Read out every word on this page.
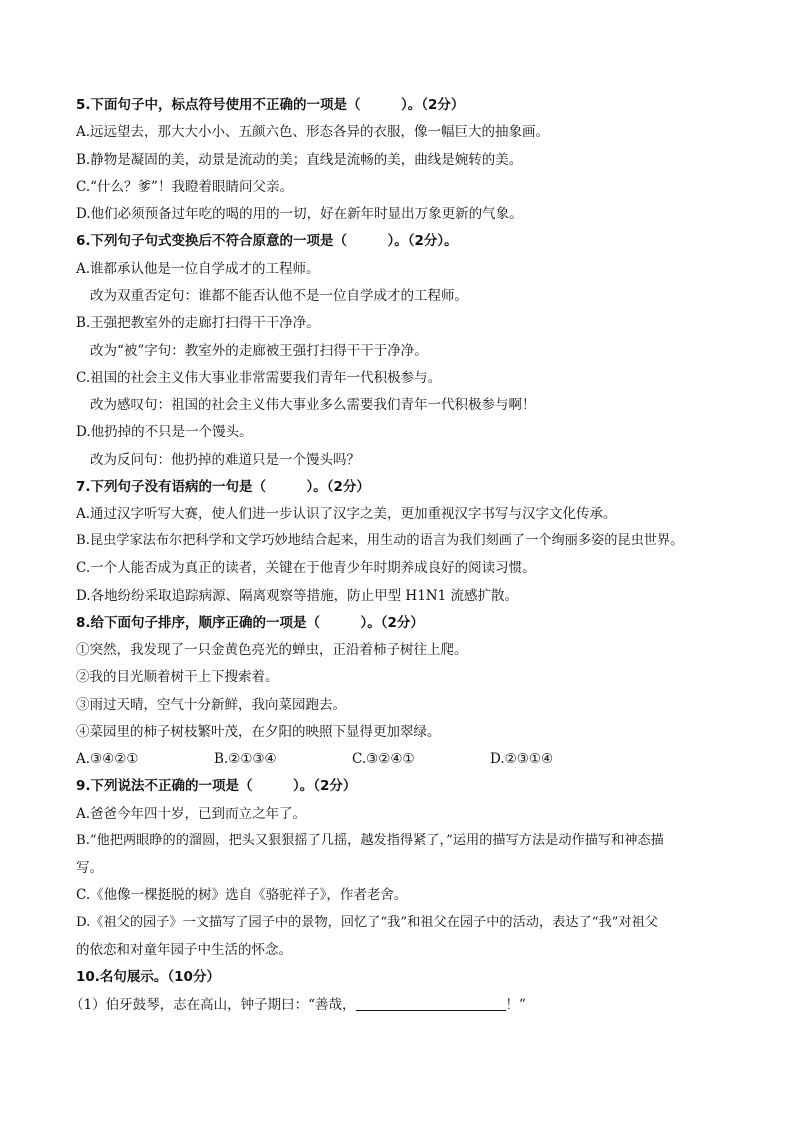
5.下面句子中，标点符号使用不正确的一项是（　　　）。（2分）
A.远远望去，那大大小小、五颜六色、形态各异的衣服，像一幅巨大的抽象画。
B.静物是凝固的美，动景是流动的美；直线是流畅的美，曲线是婉转的美。
C.“什么？爹”！我瞪着眼睛问父亲。
D.他们必须预备过年吃的喝的用的一切，好在新年时显出万象更新的气象。
6.下列句子句式变换后不符合原意的一项是（　　　）。（2分）。
A.谁都承认他是一位自学成才的工程师。
改为双重否定句：谁都不能否认他不是一位自学成才的工程师。
B.王强把教室外的走廊打扫得干干净净。
改为“被”字句：教室外的走廊被王强打扫得干干于净净。
C.祖国的社会主义伟大事业非常需要我们青年一代积极参与。
改为感叹句：祖国的社会主义伟大事业多么需要我们青年一代积极参与啊！
D.他扔掉的不只是一个馒头。
改为反问句：他扔掉的难道只是一个馒头吗？
7.下列句子没有语病的一句是（　　　）。（2分）
A.通过汉字听写大赛，使人们进一步认识了汉字之美，更加重视汉字书写与汉字文化传承。
B.昆虫学家法布尔把科学和文学巧妙地结合起来，用生动的语言为我们刻画了一个绚丽多姿的昆虫世界。
C.一个人能否成为真正的读者，关键在于他青少年时期养成良好的阅读习惯。
D.各地纷纷采取追踪病源、隔离观察等措施，防止甲型 H1N1 流感扩散。
8.给下面句子排序，顺序正确的一项是（　　　）。（2分）
①突然，我发现了一只金黄色亮光的蝉虫，正沿着柿子树往上爬。
②我的目光顺着树干上下搜索着。
③雨过天晴，空气十分新鲜，我向菜园跑去。
④菜园里的柿子树枝繁叶茂，在夕阳的映照下显得更加翠绿。
A.③④②①	B.②①③④	C.③②④①	D.②③①④
9.下列说法不正确的一项是（　　　）。（2分）
A.爸爸今年四十岁，已到而立之年了。
B.“他把两眼睁的的溜圆，把头又狠狠摇了几摇，越发指得紧了，”运用的描写方法是动作描写和神态描
写。
C.《他像一棵挺脱的树》选自《骆驼祥子》，作者老舍。
D.《祖父的园子》一文描写了园子中的景物，回忆了“我”和祖父在园子中的活动，表达了“我”对祖父
的依恋和对童年园子中生活的怀念。
10.名句展示。（10分）
（1）伯牙鼓琴，志在高山，钟子期曰：“善哉，	！”
